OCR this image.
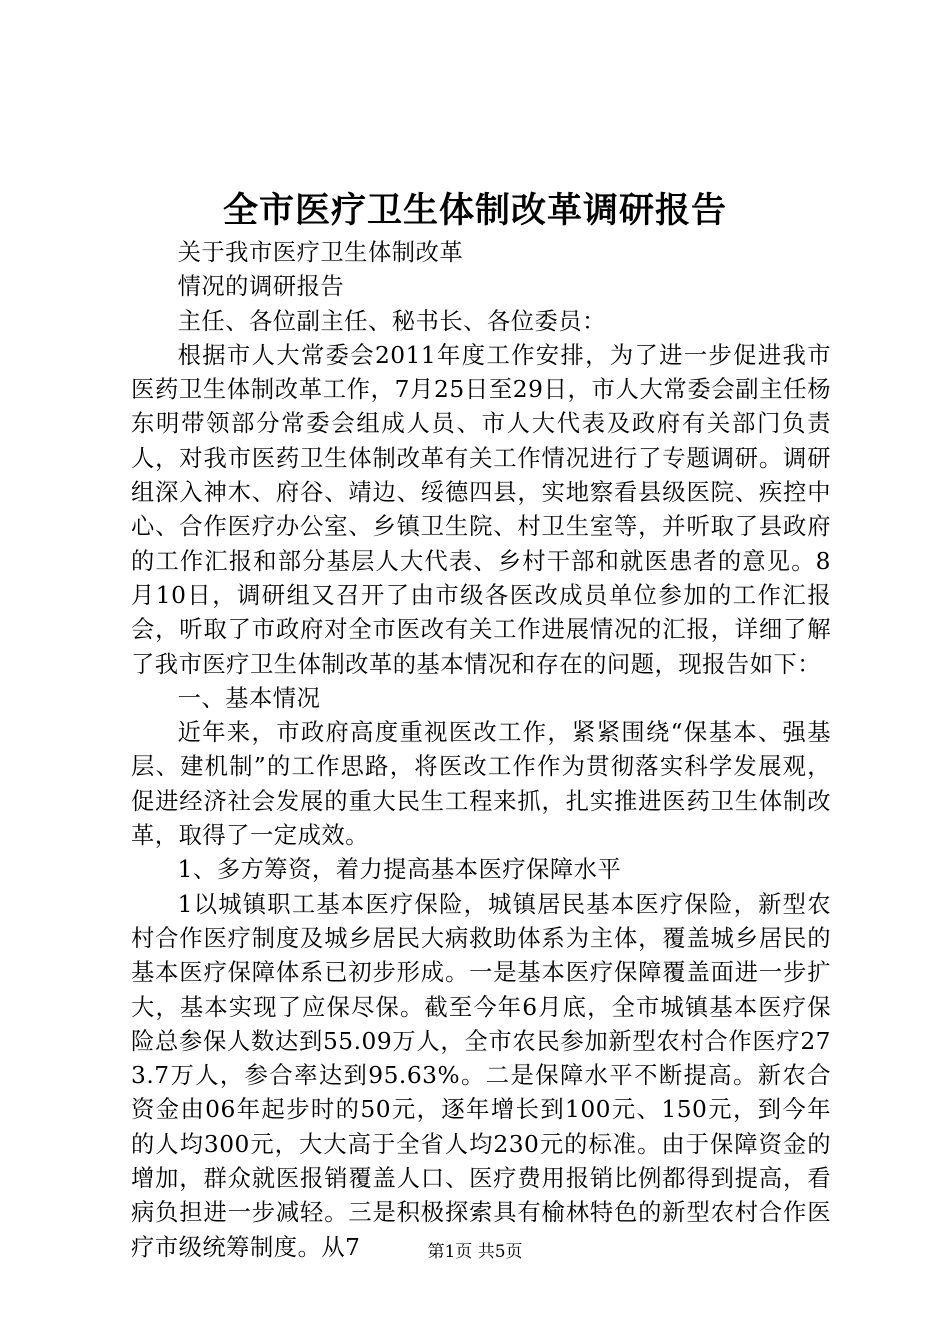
全市医疗卫生体制改革调研报告

关于我市医疗卫生体制改革

情况的调研报告

主任、各位副主任、秘书长、各位委员：

根据市人大常委会2011年度工作安排，为了进一步促进我市医药卫生体制改革工作，7月25日至29日，市人大常委会副主任杨东明带领部分常委会组成人员、市人大代表及政府有关部门负责人，对我市医药卫生体制改革有关工作情况进行了专题调研。调研组深入神木、府谷、靖边、绥德四县，实地察看县级医院、疾控中心、合作医疗办公室、乡镇卫生院、村卫生室等，并听取了县政府的工作汇报和部分基层人大代表、乡村干部和就医患者的意见。8月10日，调研组又召开了由市级各医改成员单位参加的工作汇报会，听取了市政府对全市医改有关工作进展情况的汇报，详细了解了我市医疗卫生体制改革的基本情况和存在的问题，现报告如下：

一、基本情况

近年来，市政府高度重视医改工作，紧紧围绕“保基本、强基层、建机制”的工作思路，将医改工作作为贯彻落实科学发展观，促进经济社会发展的重大民生工程来抓，扎实推进医药卫生体制改革，取得了一定成效。

1、多方筹资，着力提高基本医疗保障水平

1以城镇职工基本医疗保险，城镇居民基本医疗保险，新型农村合作医疗制度及城乡居民大病救助体系为主体，覆盖城乡居民的基本医疗保障体系已初步形成。一是基本医疗保障覆盖面进一步扩大，基本实现了应保尽保。截至今年6月底，全市城镇基本医疗保险总参保人数达到55.09万人，全市农民参加新型农村合作医疗273.7万人，参合率达到95.63%。二是保障水平不断提高。新农合资金由06年起步时的50元，逐年增长到100元、150元，到今年的人均300元，大大高于全省人均230元的标准。由于保障资金的增加，群众就医报销覆盖人口、医疗费用报销比例都得到提高，看病负担进一步减轻。三是积极探索具有榆林特色的新型农村合作医疗市级统筹制度。从7	第1页 共5页
